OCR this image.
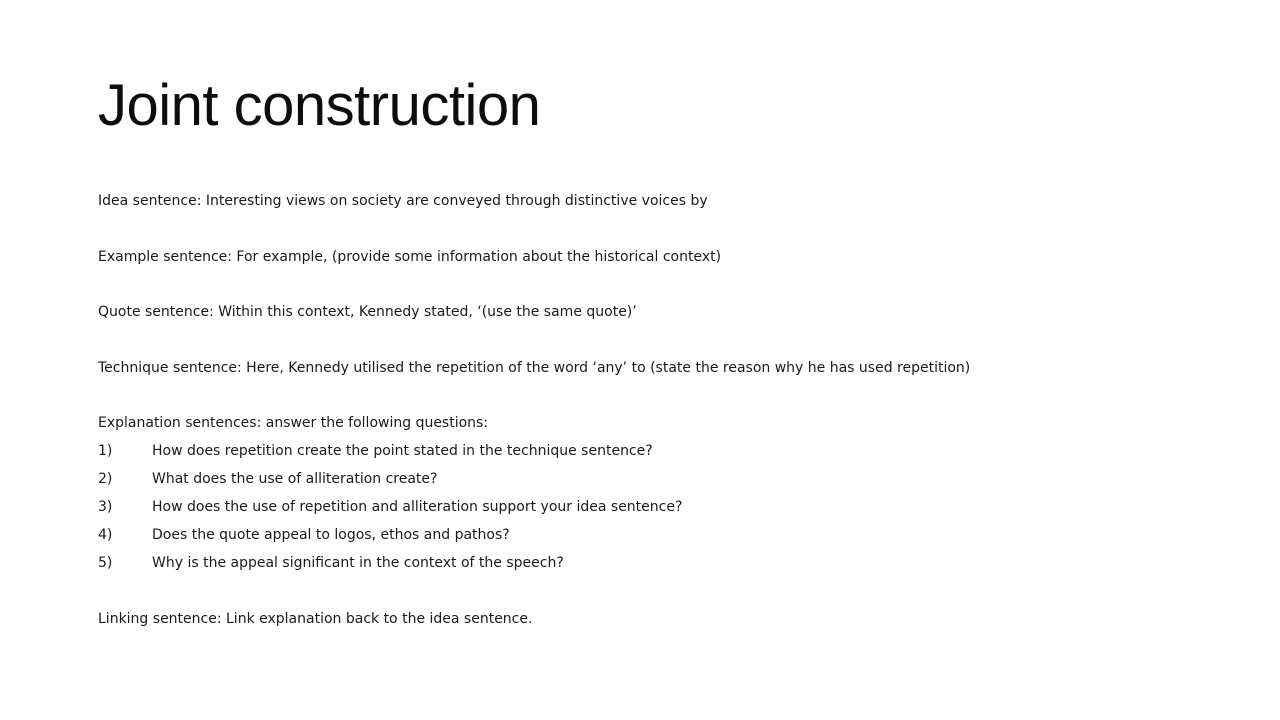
Joint construction
Idea sentence: Interesting views on society are conveyed through distinctive voices by
Example sentence: For example, (provide some information about the historical context)
Quote sentence: Within this context, Kennedy stated, ‘(use the same quote)’
Technique sentence: Here, Kennedy utilised the repetition of the word ‘any’ to (state the reason why he has used repetition)
Explanation sentences: answer the following questions:
1)	How does repetition create the point stated in the technique sentence?
2)	What does the use of alliteration create?
3)	How does the use of repetition and alliteration support your idea sentence?
4)	Does the quote appeal to logos, ethos and pathos?
5)	Why is the appeal significant in the context of the speech?
Linking sentence: Link explanation back to the idea sentence.
